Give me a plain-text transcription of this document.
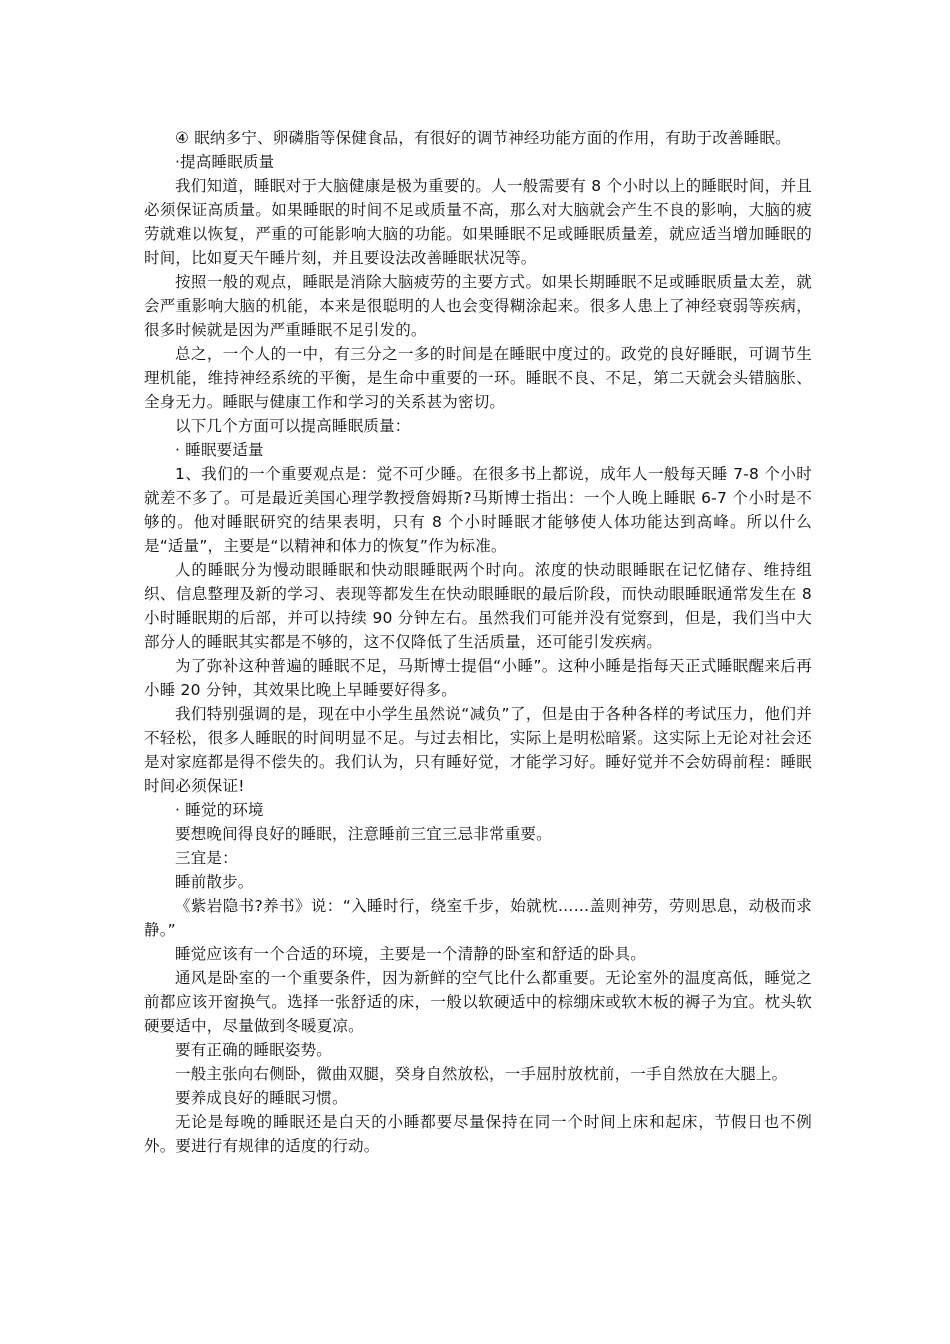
④ 眠纳多宁、卵磷脂等保健食品，有很好的调节神经功能方面的作用，有助于改善睡眠。

·提高睡眠质量

我们知道，睡眠对于大脑健康是极为重要的。人一般需要有 8 个小时以上的睡眠时间，并且必须保证高质量。如果睡眠的时间不足或质量不高，那么对大脑就会产生不良的影响，大脑的疲劳就难以恢复，严重的可能影响大脑的功能。如果睡眠不足或睡眠质量差，就应适当增加睡眠的时间，比如夏天午睡片刻，并且要设法改善睡眠状况等。

按照一般的观点，睡眠是消除大脑疲劳的主要方式。如果长期睡眠不足或睡眠质量太差，就会严重影响大脑的机能，本来是很聪明的人也会变得糊涂起来。很多人患上了神经衰弱等疾病，很多时候就是因为严重睡眠不足引发的。

总之，一个人的一中，有三分之一多的时间是在睡眠中度过的。政党的良好睡眠，可调节生理机能，维持神经系统的平衡，是生命中重要的一环。睡眠不良、不足，第二天就会头错脑胀、全身无力。睡眠与健康工作和学习的关系甚为密切。

以下几个方面可以提高睡眠质量：

· 睡眠要适量

1、我们的一个重要观点是：觉不可少睡。在很多书上都说，成年人一般每天睡 7-8 个小时就差不多了。可是最近美国心理学教授詹姆斯?马斯博士指出：一个人晚上睡眠 6-7 个小时是不够的。他对睡眠研究的结果表明，只有 8 个小时睡眠才能够使人体功能达到高峰。所以什么是“适量”，主要是“以精神和体力的恢复”作为标准。

人的睡眠分为慢动眼睡眠和快动眼睡眠两个时向。浓度的快动眼睡眠在记忆储存、维持组织、信息整理及新的学习、表现等都发生在快动眼睡眠的最后阶段，而快动眼睡眠通常发生在 8 小时睡眠期的后部，并可以持续 90 分钟左右。虽然我们可能并没有觉察到，但是，我们当中大部分人的睡眠其实都是不够的，这不仅降低了生活质量，还可能引发疾病。

为了弥补这种普遍的睡眠不足，马斯博士提倡“小睡”。这种小睡是指每天正式睡眠醒来后再小睡 20 分钟，其效果比晚上早睡要好得多。

我们特别强调的是，现在中小学生虽然说“减负”了，但是由于各种各样的考试压力，他们并不轻松，很多人睡眠的时间明显不足。与过去相比，实际上是明松暗紧。这实际上无论对社会还是对家庭都是得不偿失的。我们认为，只有睡好觉，才能学习好。睡好觉并不会妨碍前程：睡眠时间必须保证!

· 睡觉的环境

要想晚间得良好的睡眠，注意睡前三宜三忌非常重要。

三宜是：

睡前散步。

《紫岩隐书?养书》说：“入睡时行，绕室千步，始就枕……盖则神劳，劳则思息，动极而求静。”

睡觉应该有一个合适的环境，主要是一个清静的卧室和舒适的卧具。

通风是卧室的一个重要条件，因为新鲜的空气比什么都重要。无论室外的温度高低，睡觉之前都应该开窗换气。选择一张舒适的床，一般以软硬适中的棕绷床或软木板的褥子为宜。枕头软硬要适中，尽量做到冬暖夏凉。

要有正确的睡眠姿势。

一般主张向右侧卧，微曲双腿，癸身自然放松，一手屈肘放枕前，一手自然放在大腿上。

要养成良好的睡眠习惯。

无论是每晚的睡眠还是白天的小睡都要尽量保持在同一个时间上床和起床，节假日也不例外。要进行有规律的适度的行动。
